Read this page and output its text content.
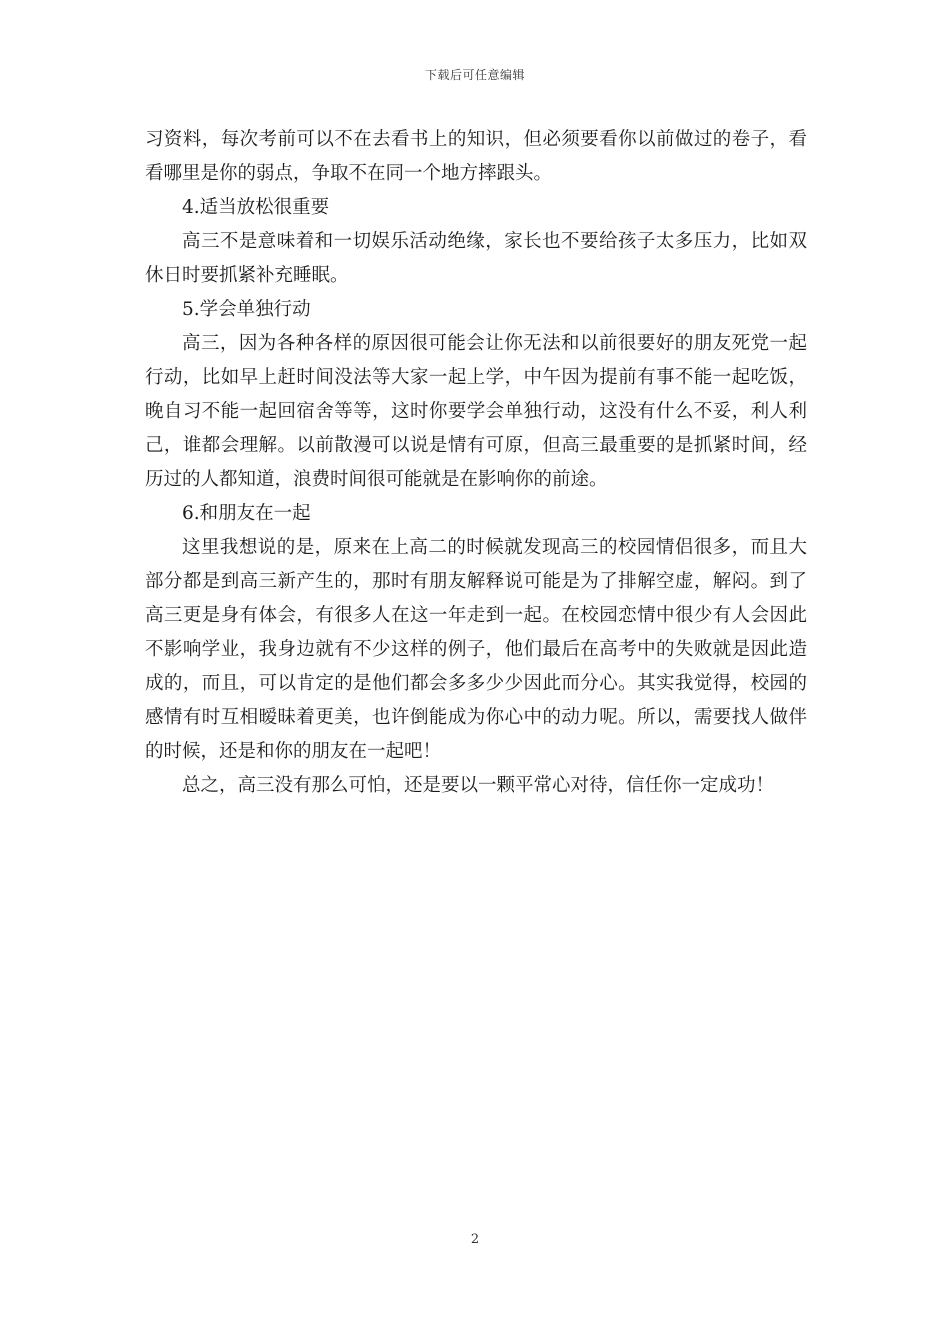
下载后可任意编辑

习资料，每次考前可以不在去看书上的知识，但必须要看你以前做过的卷子，看看哪里是你的弱点，争取不在同一个地方摔跟头。

4.适当放松很重要

高三不是意味着和一切娱乐活动绝缘，家长也不要给孩子太多压力，比如双休日时要抓紧补充睡眠。

5.学会单独行动

高三，因为各种各样的原因很可能会让你无法和以前很要好的朋友死党一起行动，比如早上赶时间没法等大家一起上学，中午因为提前有事不能一起吃饭，晚自习不能一起回宿舍等等，这时你要学会单独行动，这没有什么不妥，利人利己，谁都会理解。以前散漫可以说是情有可原，但高三最重要的是抓紧时间，经历过的人都知道，浪费时间很可能就是在影响你的前途。

6.和朋友在一起

这里我想说的是，原来在上高二的时候就发现高三的校园情侣很多，而且大部分都是到高三新产生的，那时有朋友解释说可能是为了排解空虚，解闷。到了高三更是身有体会，有很多人在这一年走到一起。在校园恋情中很少有人会因此不影响学业，我身边就有不少这样的例子，他们最后在高考中的失败就是因此造成的，而且，可以肯定的是他们都会多多少少因此而分心。其实我觉得，校园的感情有时互相暧昧着更美，也许倒能成为你心中的动力呢。所以，需要找人做伴的时候，还是和你的朋友在一起吧！

总之，高三没有那么可怕，还是要以一颗平常心对待，信任你一定成功！

2
